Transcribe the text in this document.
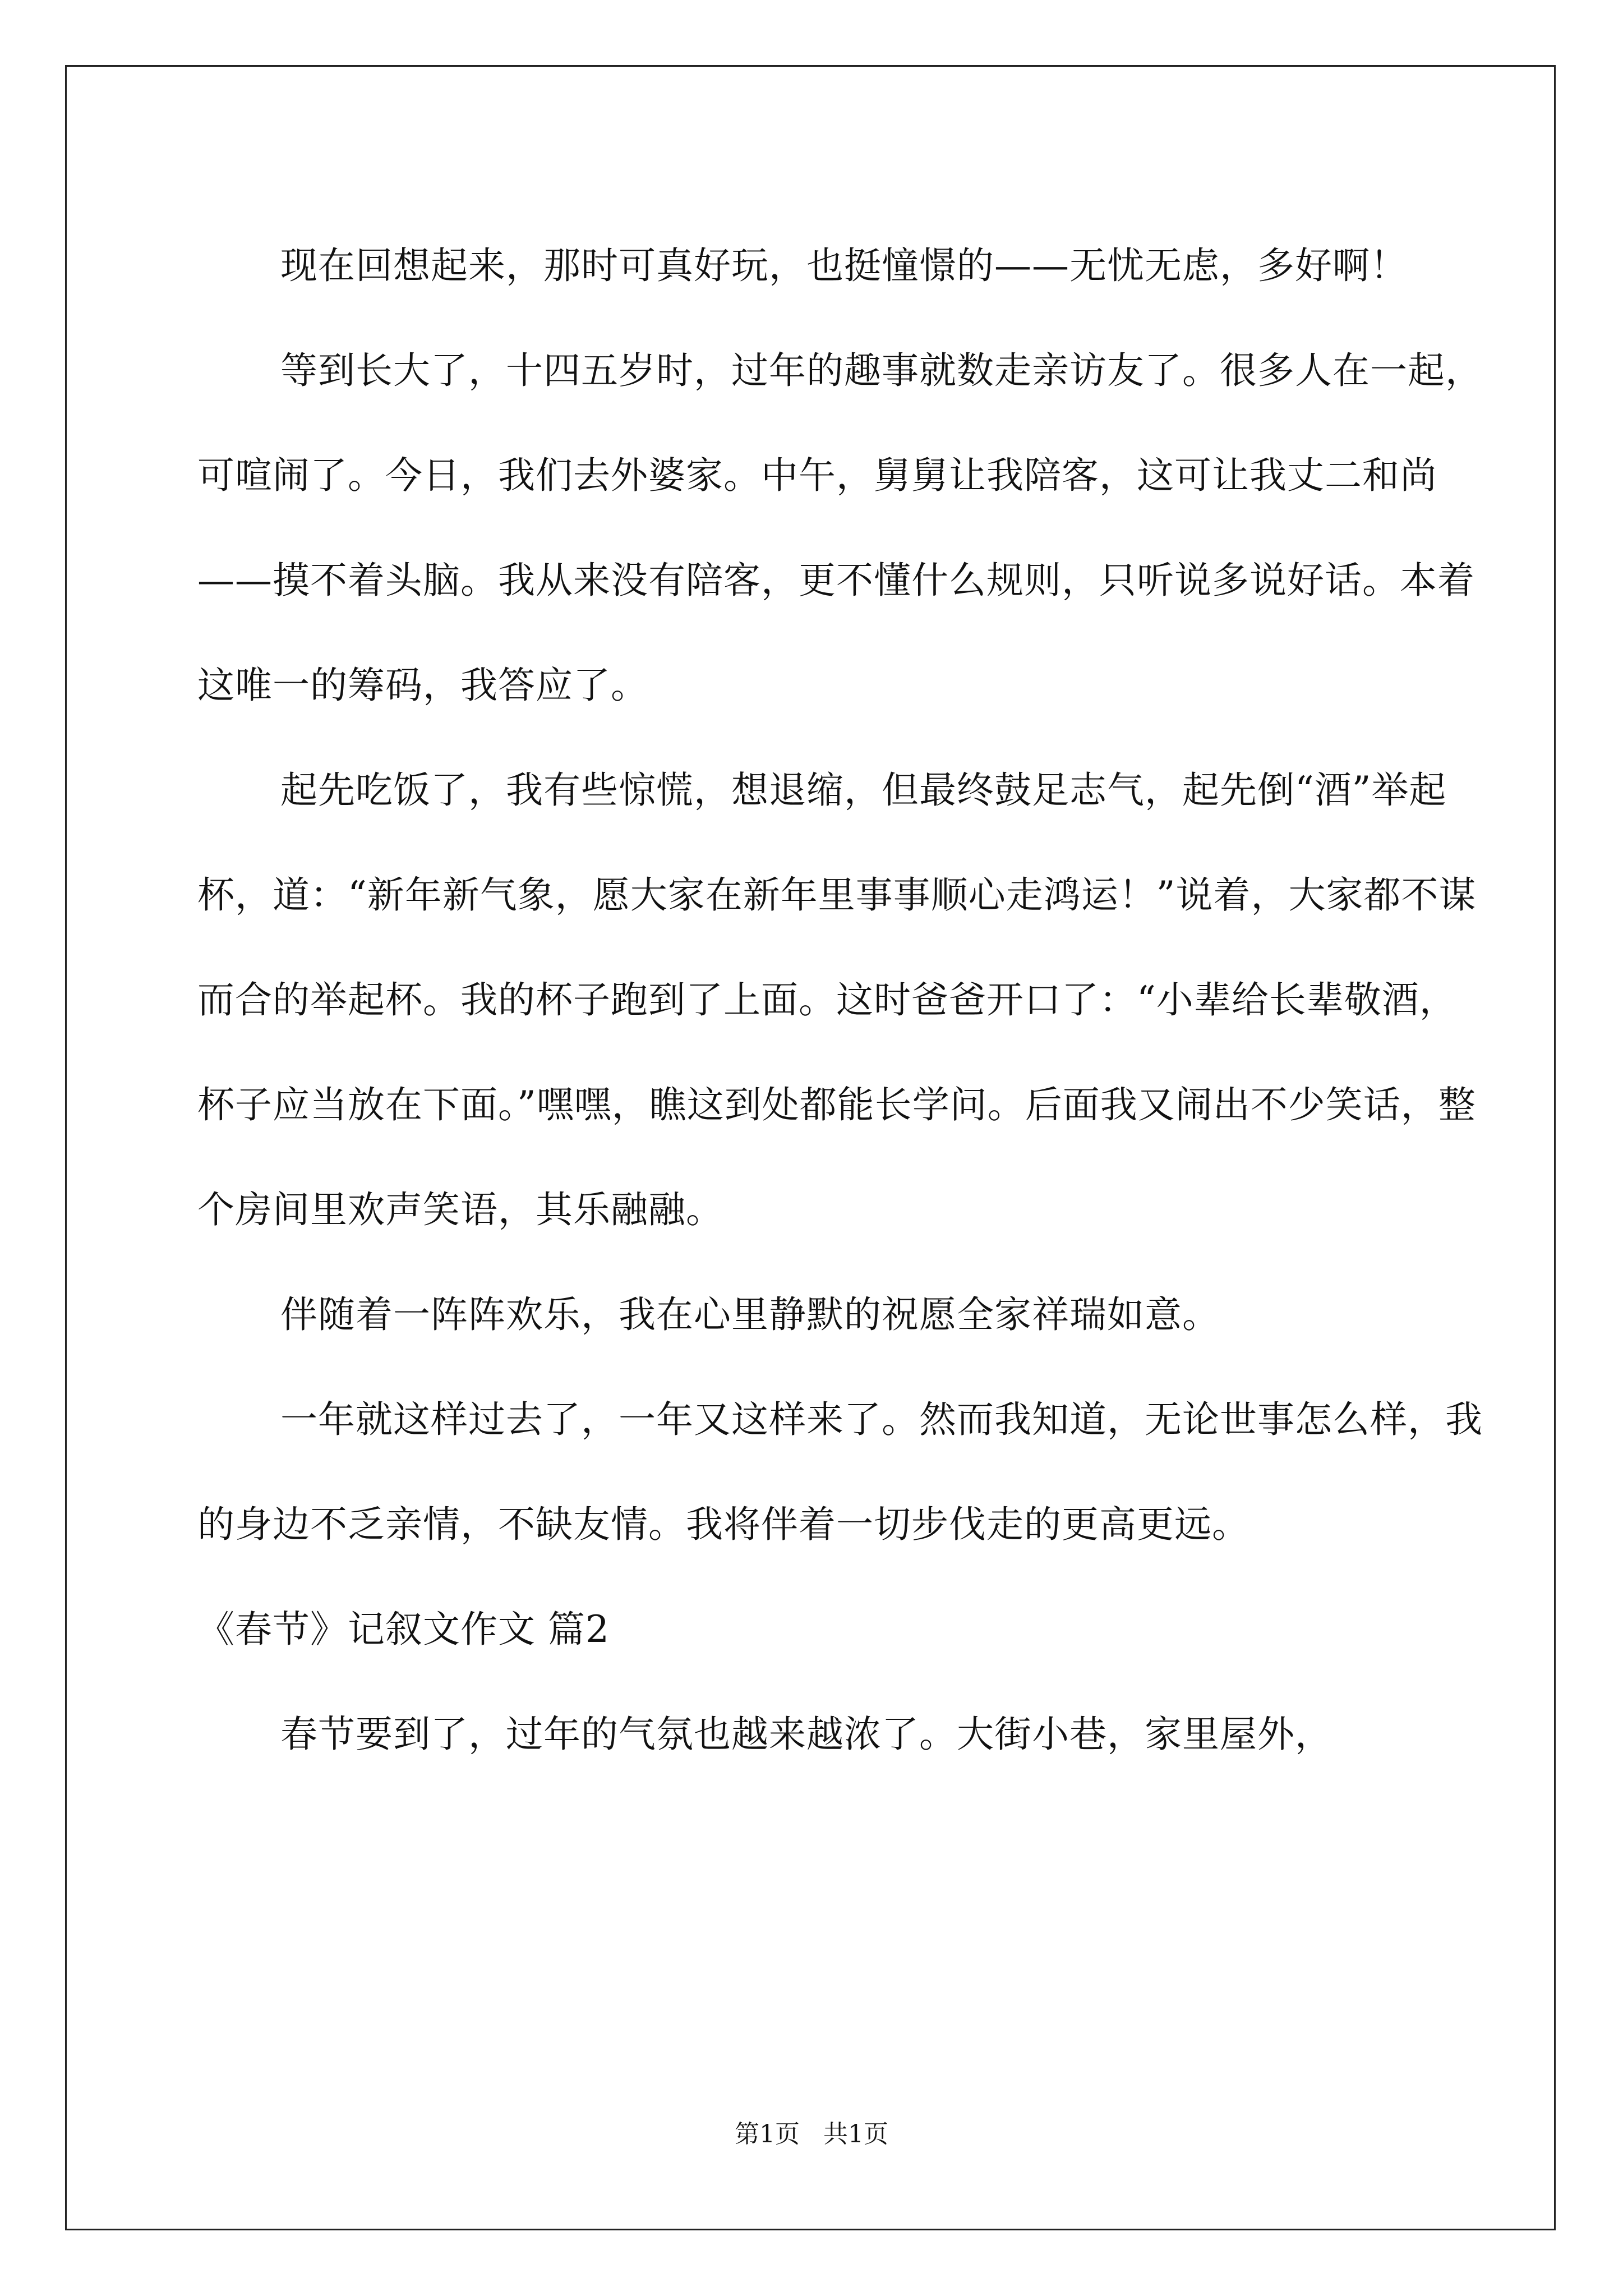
现在回想起来，那时可真好玩，也挺憧憬的——无忧无虑，多好啊！

等到长大了，十四五岁时，过年的趣事就数走亲访友了。很多人在一起，可喧闹了。今日，我们去外婆家。中午，舅舅让我陪客，这可让我丈二和尚——摸不着头脑。我从来没有陪客，更不懂什么规则，只听说多说好话。本着这唯一的筹码，我答应了。

起先吃饭了，我有些惊慌，想退缩，但最终鼓足志气，起先倒“酒”举起杯，道：“新年新气象，愿大家在新年里事事顺心走鸿运！”说着，大家都不谋而合的举起杯。我的杯子跑到了上面。这时爸爸开口了：“小辈给长辈敬酒，杯子应当放在下面。”嘿嘿，瞧这到处都能长学问。后面我又闹出不少笑话，整个房间里欢声笑语，其乐融融。

伴随着一阵阵欢乐，我在心里静默的祝愿全家祥瑞如意。

一年就这样过去了，一年又这样来了。然而我知道，无论世事怎么样，我的身边不乏亲情，不缺友情。我将伴着一切步伐走的更高更远。

《春节》记叙文作文 篇2

春节要到了，过年的气氛也越来越浓了。大街小巷，家里屋外，

第1页 共1页
